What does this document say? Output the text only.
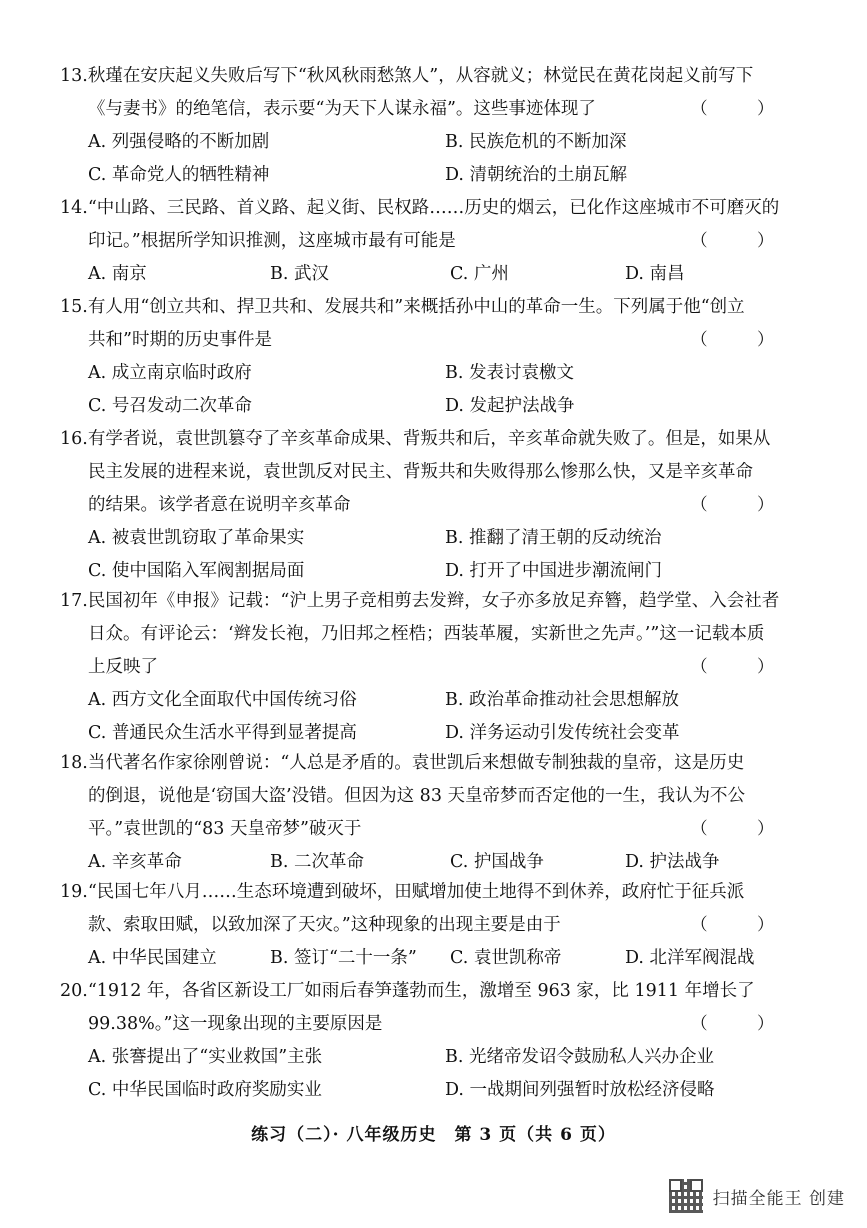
13.秋瑾在安庆起义失败后写下“秋风秋雨愁煞人”，从容就义；林觉民在黄花岗起义前写下
《与妻书》的绝笔信，表示要“为天下人谋永福”。这些事迹体现了	（ ）
A. 列强侵略的不断加剧	B. 民族危机的不断加深
C. 革命党人的牺牲精神	D. 清朝统治的土崩瓦解
14.“中山路、三民路、首义路、起义街、民权路……历史的烟云，已化作这座城市不可磨灭的
印记。”根据所学知识推测，这座城市最有可能是	（ ）
A. 南京	B. 武汉	C. 广州	D. 南昌
15.有人用“创立共和、捍卫共和、发展共和”来概括孙中山的革命一生。下列属于他“创立
共和”时期的历史事件是	（ ）
A. 成立南京临时政府	B. 发表讨袁檄文
C. 号召发动二次革命	D. 发起护法战争
16.有学者说，袁世凯篡夺了辛亥革命成果、背叛共和后，辛亥革命就失败了。但是，如果从
民主发展的进程来说，袁世凯反对民主、背叛共和失败得那么惨那么快，又是辛亥革命
的结果。该学者意在说明辛亥革命	（ ）
A. 被袁世凯窃取了革命果实	B. 推翻了清王朝的反动统治
C. 使中国陷入军阀割据局面	D. 打开了中国进步潮流闸门
17.民国初年《申报》记载：“沪上男子竞相剪去发辫，女子亦多放足弃簪，趋学堂、入会社者
日众。有评论云：‘辫发长袍，乃旧邦之桎梏；西装革履，实新世之先声。’”这一记载本质
上反映了	（ ）
A. 西方文化全面取代中国传统习俗	B. 政治革命推动社会思想解放
C. 普通民众生活水平得到显著提高	D. 洋务运动引发传统社会变革
18.当代著名作家徐刚曾说：“人总是矛盾的。袁世凯后来想做专制独裁的皇帝，这是历史
的倒退，说他是‘窃国大盗’没错。但因为这 83 天皇帝梦而否定他的一生，我认为不公
平。”袁世凯的“83 天皇帝梦”破灭于	（ ）
A. 辛亥革命	B. 二次革命	C. 护国战争	D. 护法战争
19.“民国七年八月……生态环境遭到破坏，田赋增加使土地得不到休养，政府忙于征兵派
款、索取田赋，以致加深了天灾。”这种现象的出现主要是由于	（ ）
A. 中华民国建立	B. 签订“二十一条” C. 袁世凯称帝	D. 北洋军阀混战
20.“1912 年，各省区新设工厂如雨后春笋蓬勃而生，激增至 963 家，比 1911 年增长了
99.38%。”这一现象出现的主要原因是	（ ）
A. 张謇提出了“实业救国”主张	B. 光绪帝发诏令鼓励私人兴办企业
C. 中华民国临时政府奖励实业	D. 一战期间列强暂时放松经济侵略
练习（二）· 八年级历史　第 3 页（共 6 页）
扫描全能王 创建
